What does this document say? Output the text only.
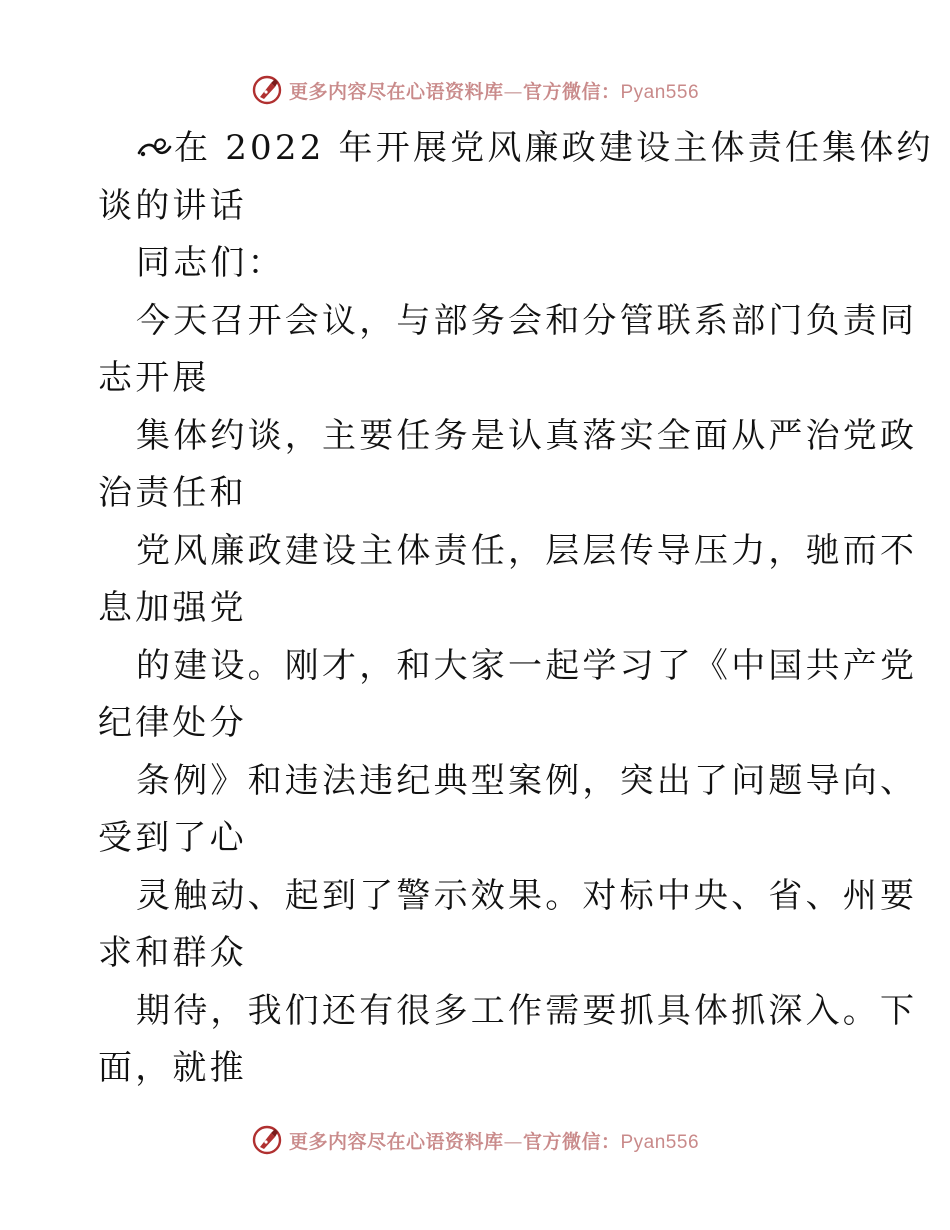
更多内容尽在心语资料库—官方微信：Pyan556
在 2022 年开展党风廉政建设主体责任集体约
谈的讲话
同志们：
今天召开会议，与部务会和分管联系部门负责同
志开展
集体约谈，主要任务是认真落实全面从严治党政
治责任和
党风廉政建设主体责任，层层传导压力，驰而不
息加强党
的建设。刚才，和大家一起学习了《中国共产党
纪律处分
条例》和违法违纪典型案例，突出了问题导向、
受到了心
灵触动、起到了警示效果。对标中央、省、州要
求和群众
期待，我们还有很多工作需要抓具体抓深入。下
面，就推
更多内容尽在心语资料库—官方微信：Pyan556
